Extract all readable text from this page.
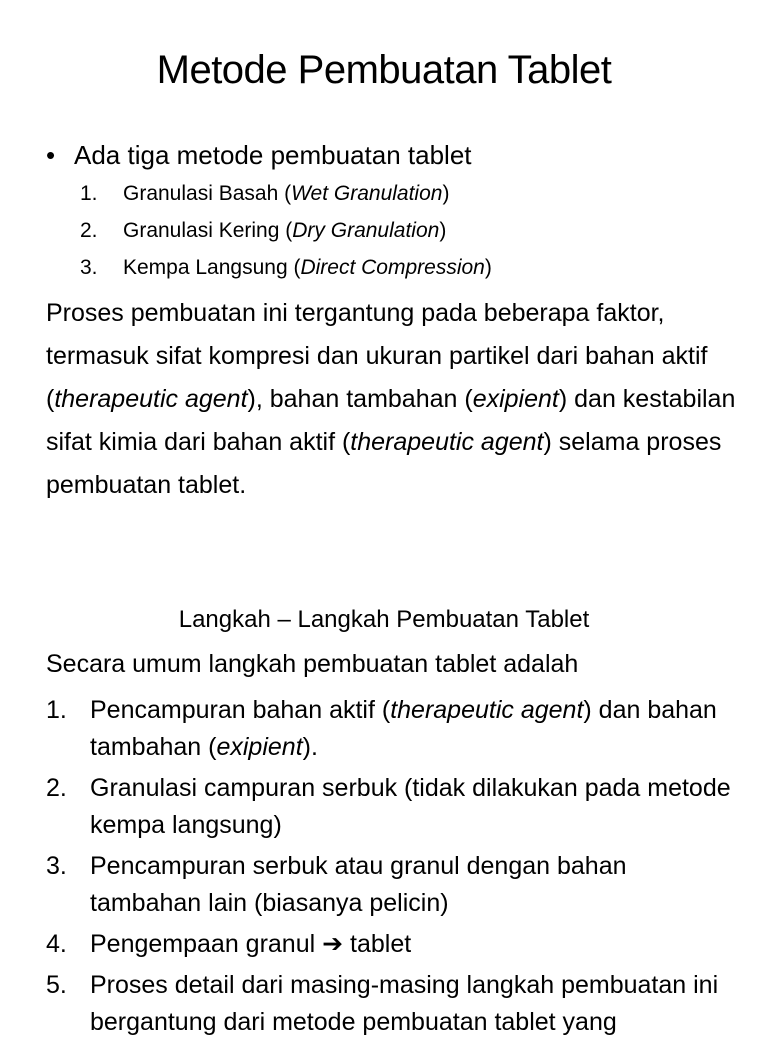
Metode Pembuatan Tablet
• Ada tiga metode pembuatan tablet
1.	Granulasi Basah (Wet Granulation)
2.	Granulasi Kering (Dry Granulation)
3.	Kempa Langsung (Direct Compression)

Proses pembuatan ini tergantung pada beberapa faktor, termasuk sifat kompresi dan ukuran partikel dari bahan aktif (therapeutic agent), bahan tambahan (exipient) dan kestabilan sifat kimia dari bahan aktif (therapeutic agent) selama proses pembuatan tablet.

Langkah – Langkah Pembuatan Tablet
Secara umum langkah pembuatan tablet adalah
1. Pencampuran bahan aktif (therapeutic agent) dan bahan tambahan (exipient).
2. Granulasi campuran serbuk (tidak dilakukan pada metode kempa langsung)
3. Pencampuran serbuk atau granul dengan bahan tambahan lain (biasanya pelicin)
4. Pengempaan granul ➔ tablet
5. Proses detail dari masing-masing langkah pembuatan ini bergantung dari metode pembuatan tablet yang
